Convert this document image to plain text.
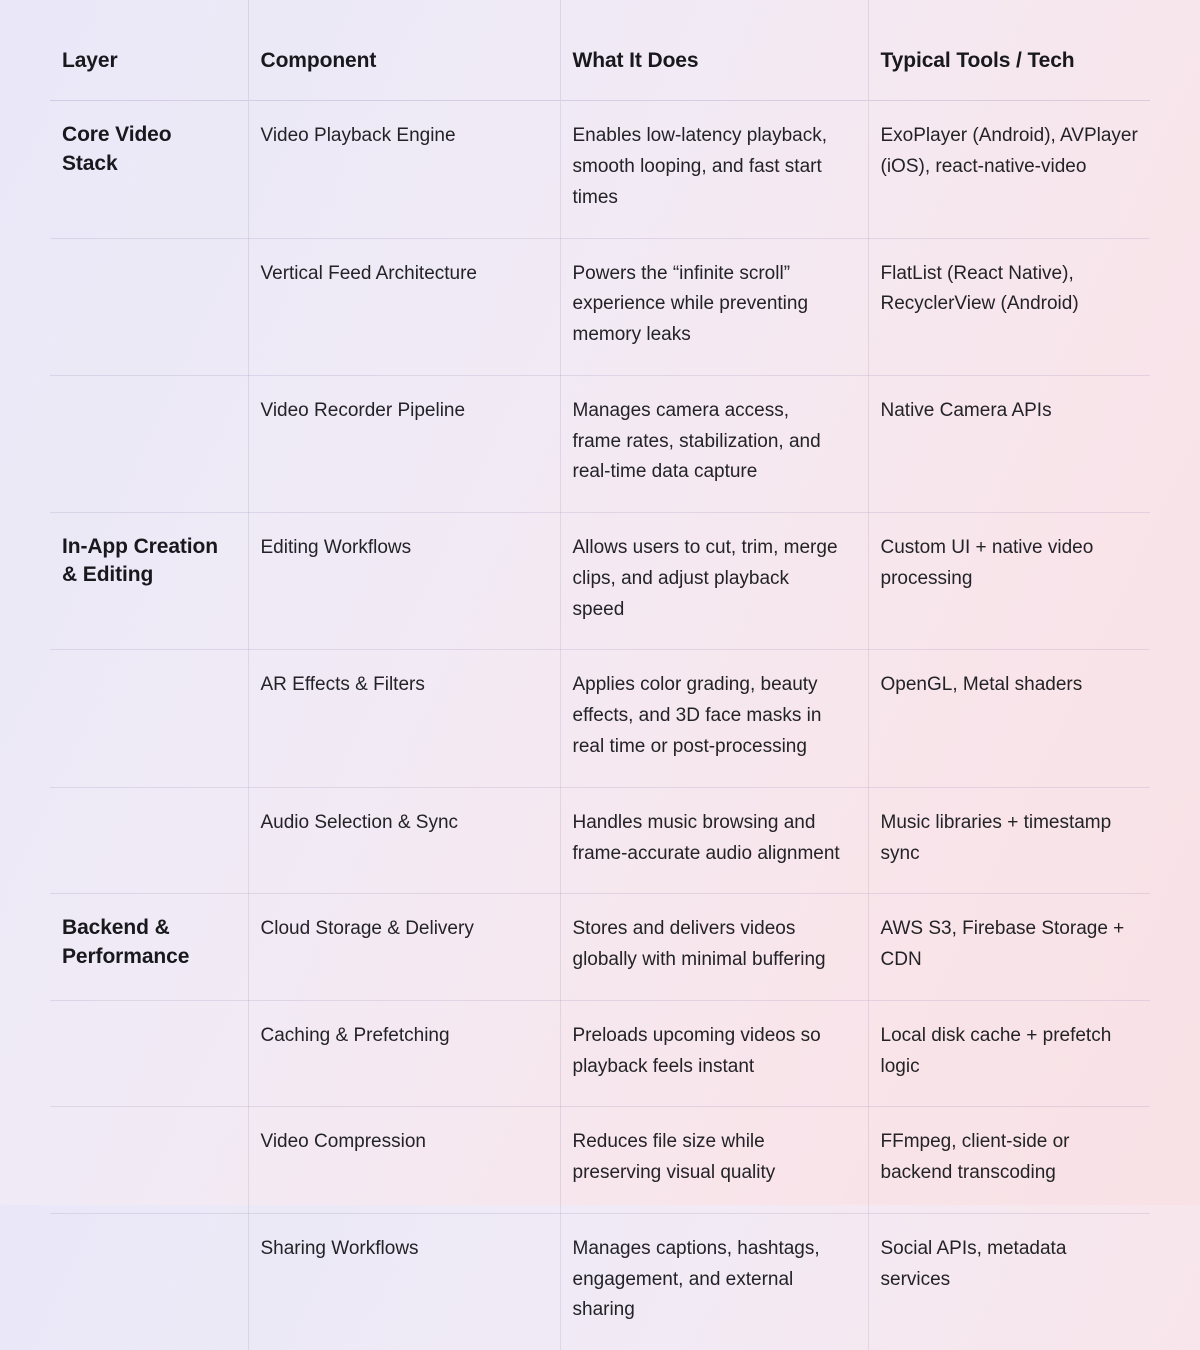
Layer	Component	What It Does	Typical Tools / Tech

Core Video Stack	Video Playback Engine	Enables low-latency playback, smooth looping, and fast start times	ExoPlayer (Android), AVPlayer (iOS), react-native-video

	Vertical Feed Architecture	Powers the “infinite scroll” experience while preventing memory leaks	FlatList (React Native), RecyclerView (Android)

	Video Recorder Pipeline	Manages camera access, frame rates, stabilization, and real-time data capture	Native Camera APIs

In-App Creation & Editing	Editing Workflows	Allows users to cut, trim, merge clips, and adjust playback speed	Custom UI + native video processing

	AR Effects & Filters	Applies color grading, beauty effects, and 3D face masks in real time or post-processing	OpenGL, Metal shaders

	Audio Selection & Sync	Handles music browsing and frame-accurate audio alignment	Music libraries + timestamp sync

Backend & Performance	Cloud Storage & Delivery	Stores and delivers videos globally with minimal buffering	AWS S3, Firebase Storage + CDN

	Caching & Prefetching	Preloads upcoming videos so playback feels instant	Local disk cache + prefetch logic

	Video Compression	Reduces file size while preserving visual quality	FFmpeg, client-side or backend transcoding

	Sharing Workflows	Manages captions, hashtags, engagement, and external sharing	Social APIs, metadata services
